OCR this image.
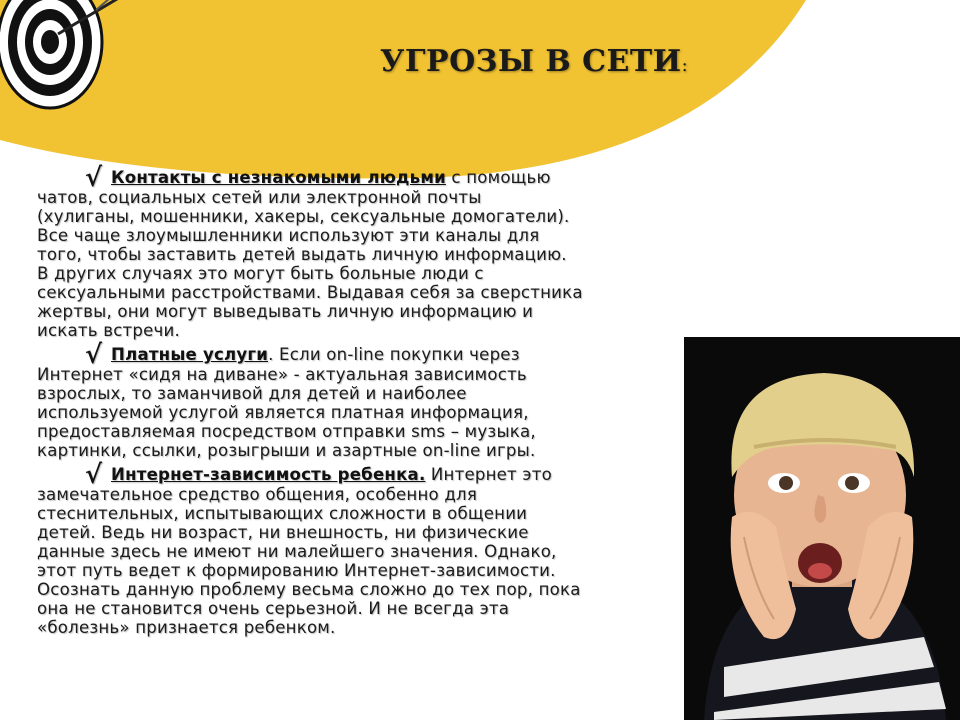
УГРОЗЫ В СЕТИ:
√ Контакты с незнакомыми людьми с помощью
чатов, социальных сетей или электронной почты
(хулиганы, мошенники, хакеры, сексуальные домогатели).
Все чаще злоумышленники используют эти каналы для
того, чтобы заставить детей выдать личную информацию.
В других случаях это могут быть больные люди с
сексуальными расстройствами. Выдавая себя за сверстника
жертвы, они могут выведывать личную информацию и
искать встречи.
√ Платные услуги. Если on-line покупки через
Интернет «сидя на диване» - актуальная зависимость
взрослых, то заманчивой для детей и наиболее
используемой услугой является платная информация,
предоставляемая посредством отправки sms – музыка,
картинки, ссылки, розыгрыши и азартные on-line игры.
√ Интернет-зависимость ребенка. Интернет это
замечательное средство общения, особенно для
стеснительных, испытывающих сложности в общении
детей. Ведь ни возраст, ни внешность, ни физические
данные здесь не имеют ни малейшего значения. Однако,
этот путь ведет к формированию Интернет-зависимости.
Осознать данную проблему весьма сложно до тех пор, пока
она не становится очень серьезной. И не всегда эта
«болезнь» признается ребенком.
